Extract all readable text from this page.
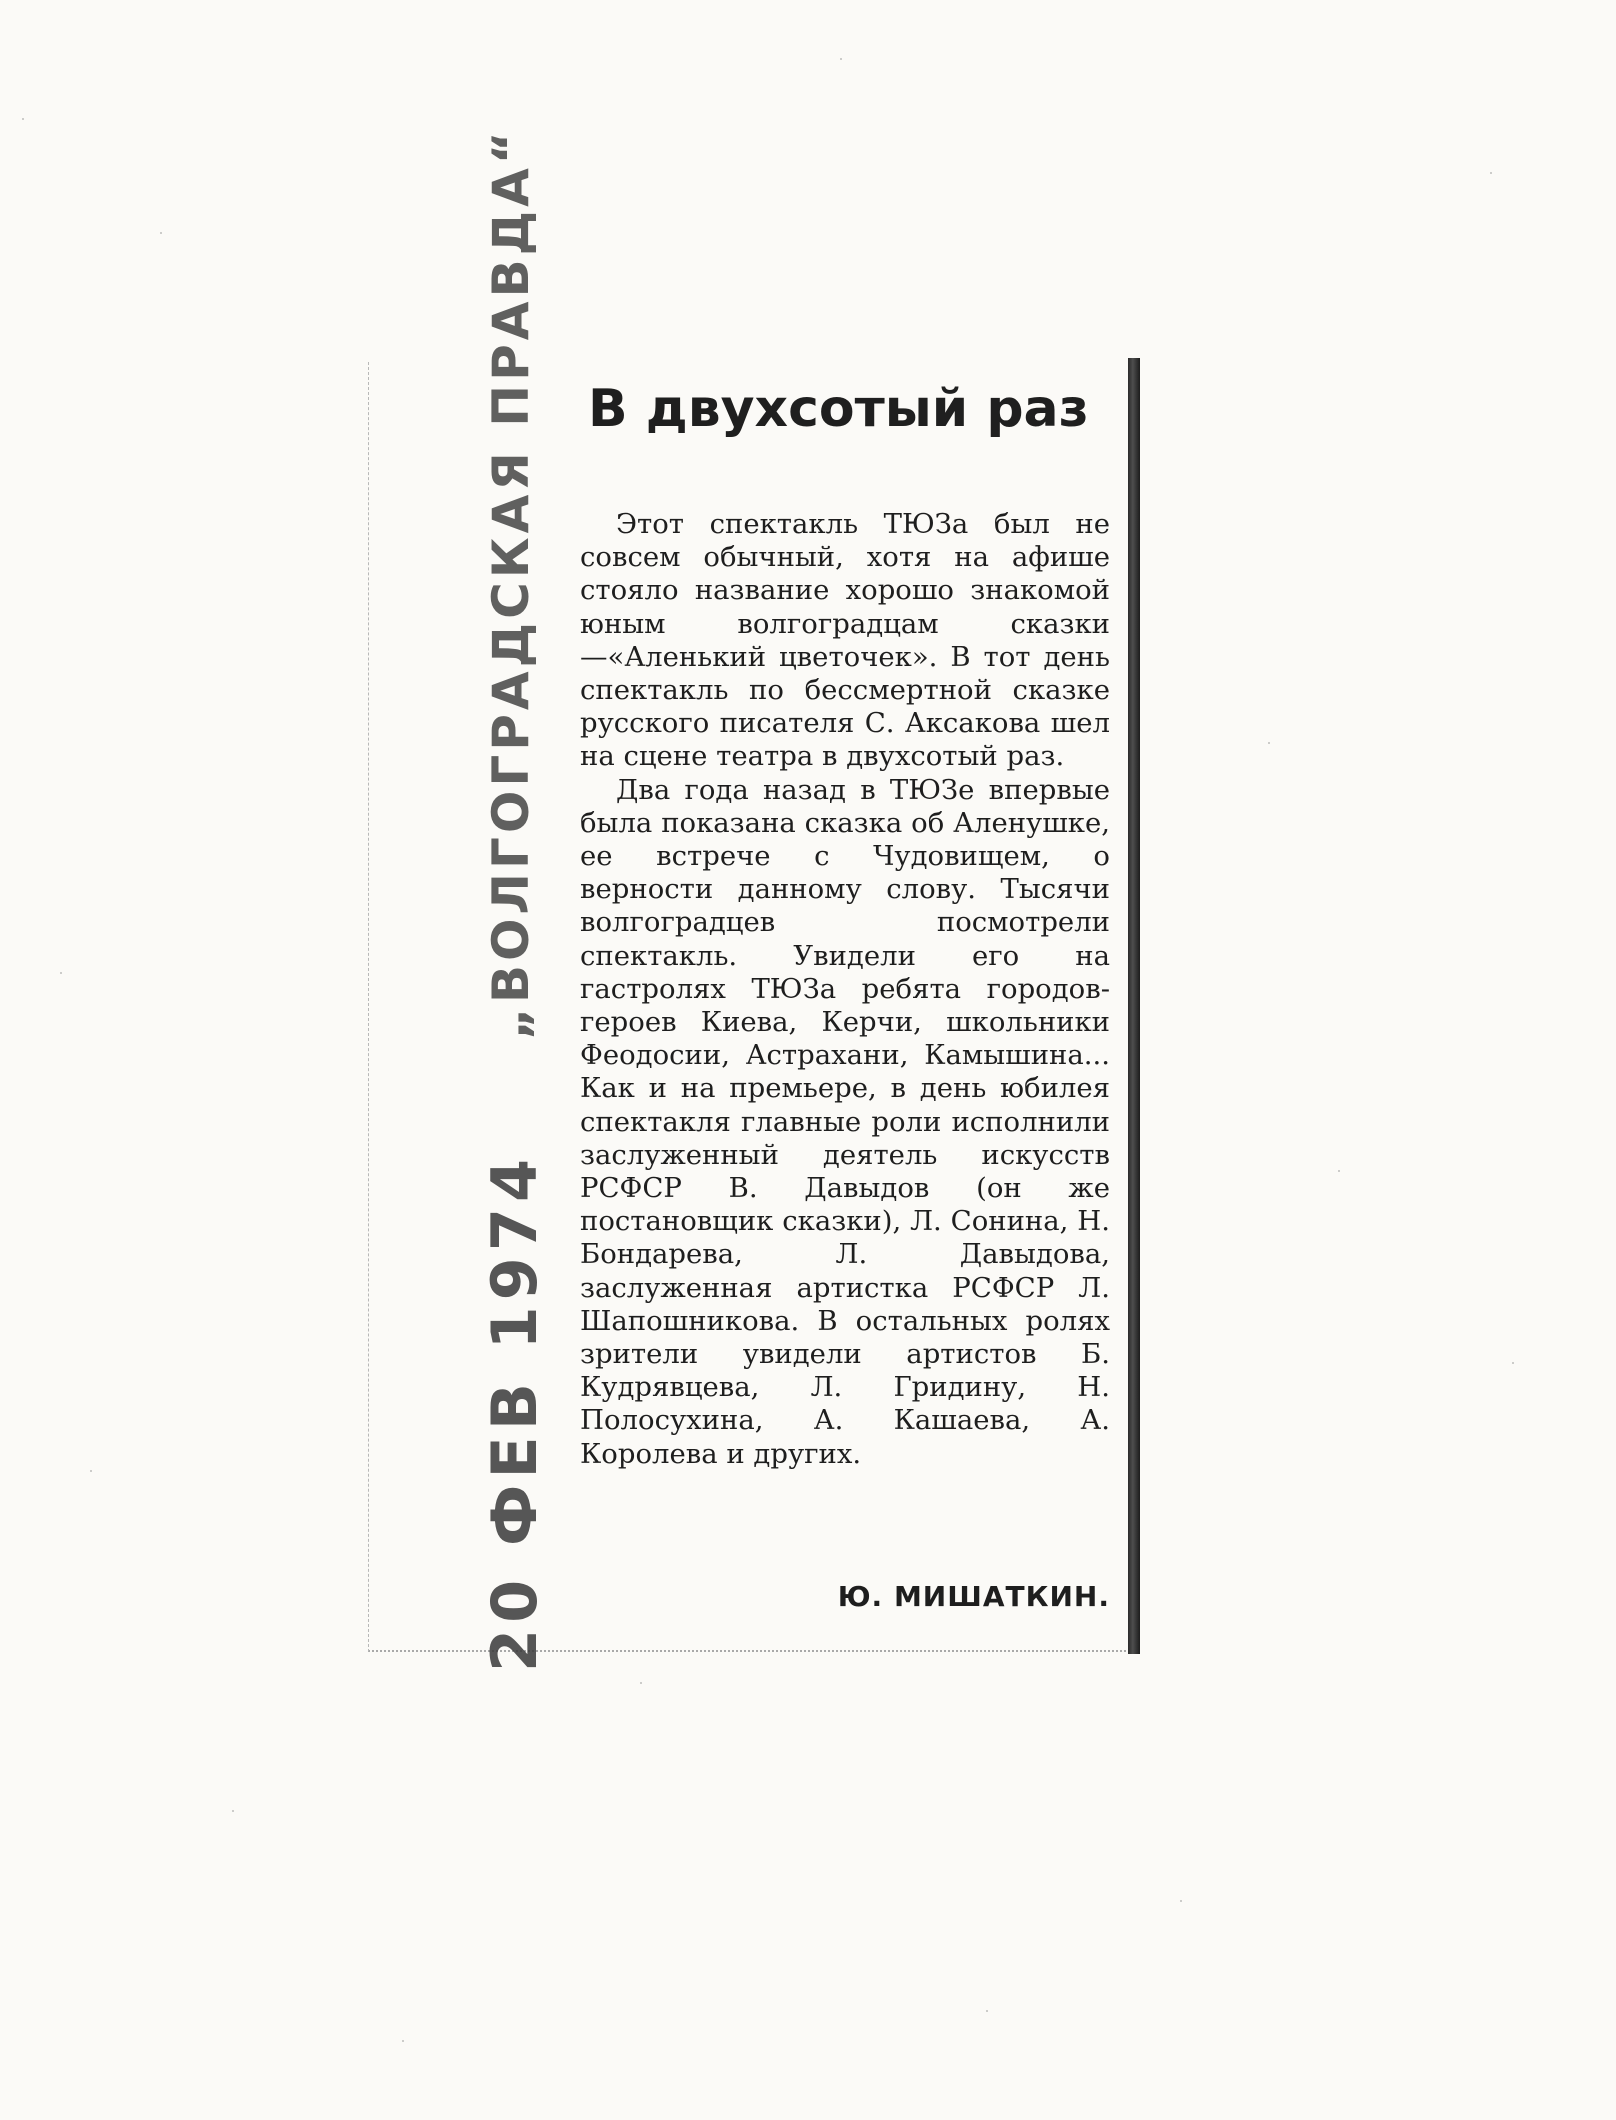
„ВОЛГОГРАДСКАЯ ПРАВДА“
20 ФЕВ 1974
В двухсотый раз

Этот спектакль ТЮЗа был не совсем обычный, хотя на афише стояло название хорошо знакомой юным волгоградцам сказки—«Аленький цветочек». В тот день спектакль по бессмертной сказке русского писателя С. Аксакова шел на сцене театра в двухсотый раз.

Два года назад в ТЮЗе впервые была показана сказка об Аленушке, ее встрече с Чудовищем, о верности данному слову. Тысячи волгоградцев посмотрели спектакль. Увидели его на гастролях ТЮЗа ребята городов-героев Киева, Керчи, школьники Феодосии, Астрахани, Камышина... Как и на премьере, в день юбилея спектакля главные роли исполнили заслуженный деятель искусств РСФСР В. Давыдов (он же постановщик сказки), Л. Сонина, Н. Бондарева, Л. Давыдова, заслуженная артистка РСФСР Л. Шапошникова. В остальных ролях зрители увидели артистов Б. Кудрявцева, Л. Гридину, Н. Полосухина, А. Кашаева, А. Королева и других.

Ю. МИШАТКИН.
